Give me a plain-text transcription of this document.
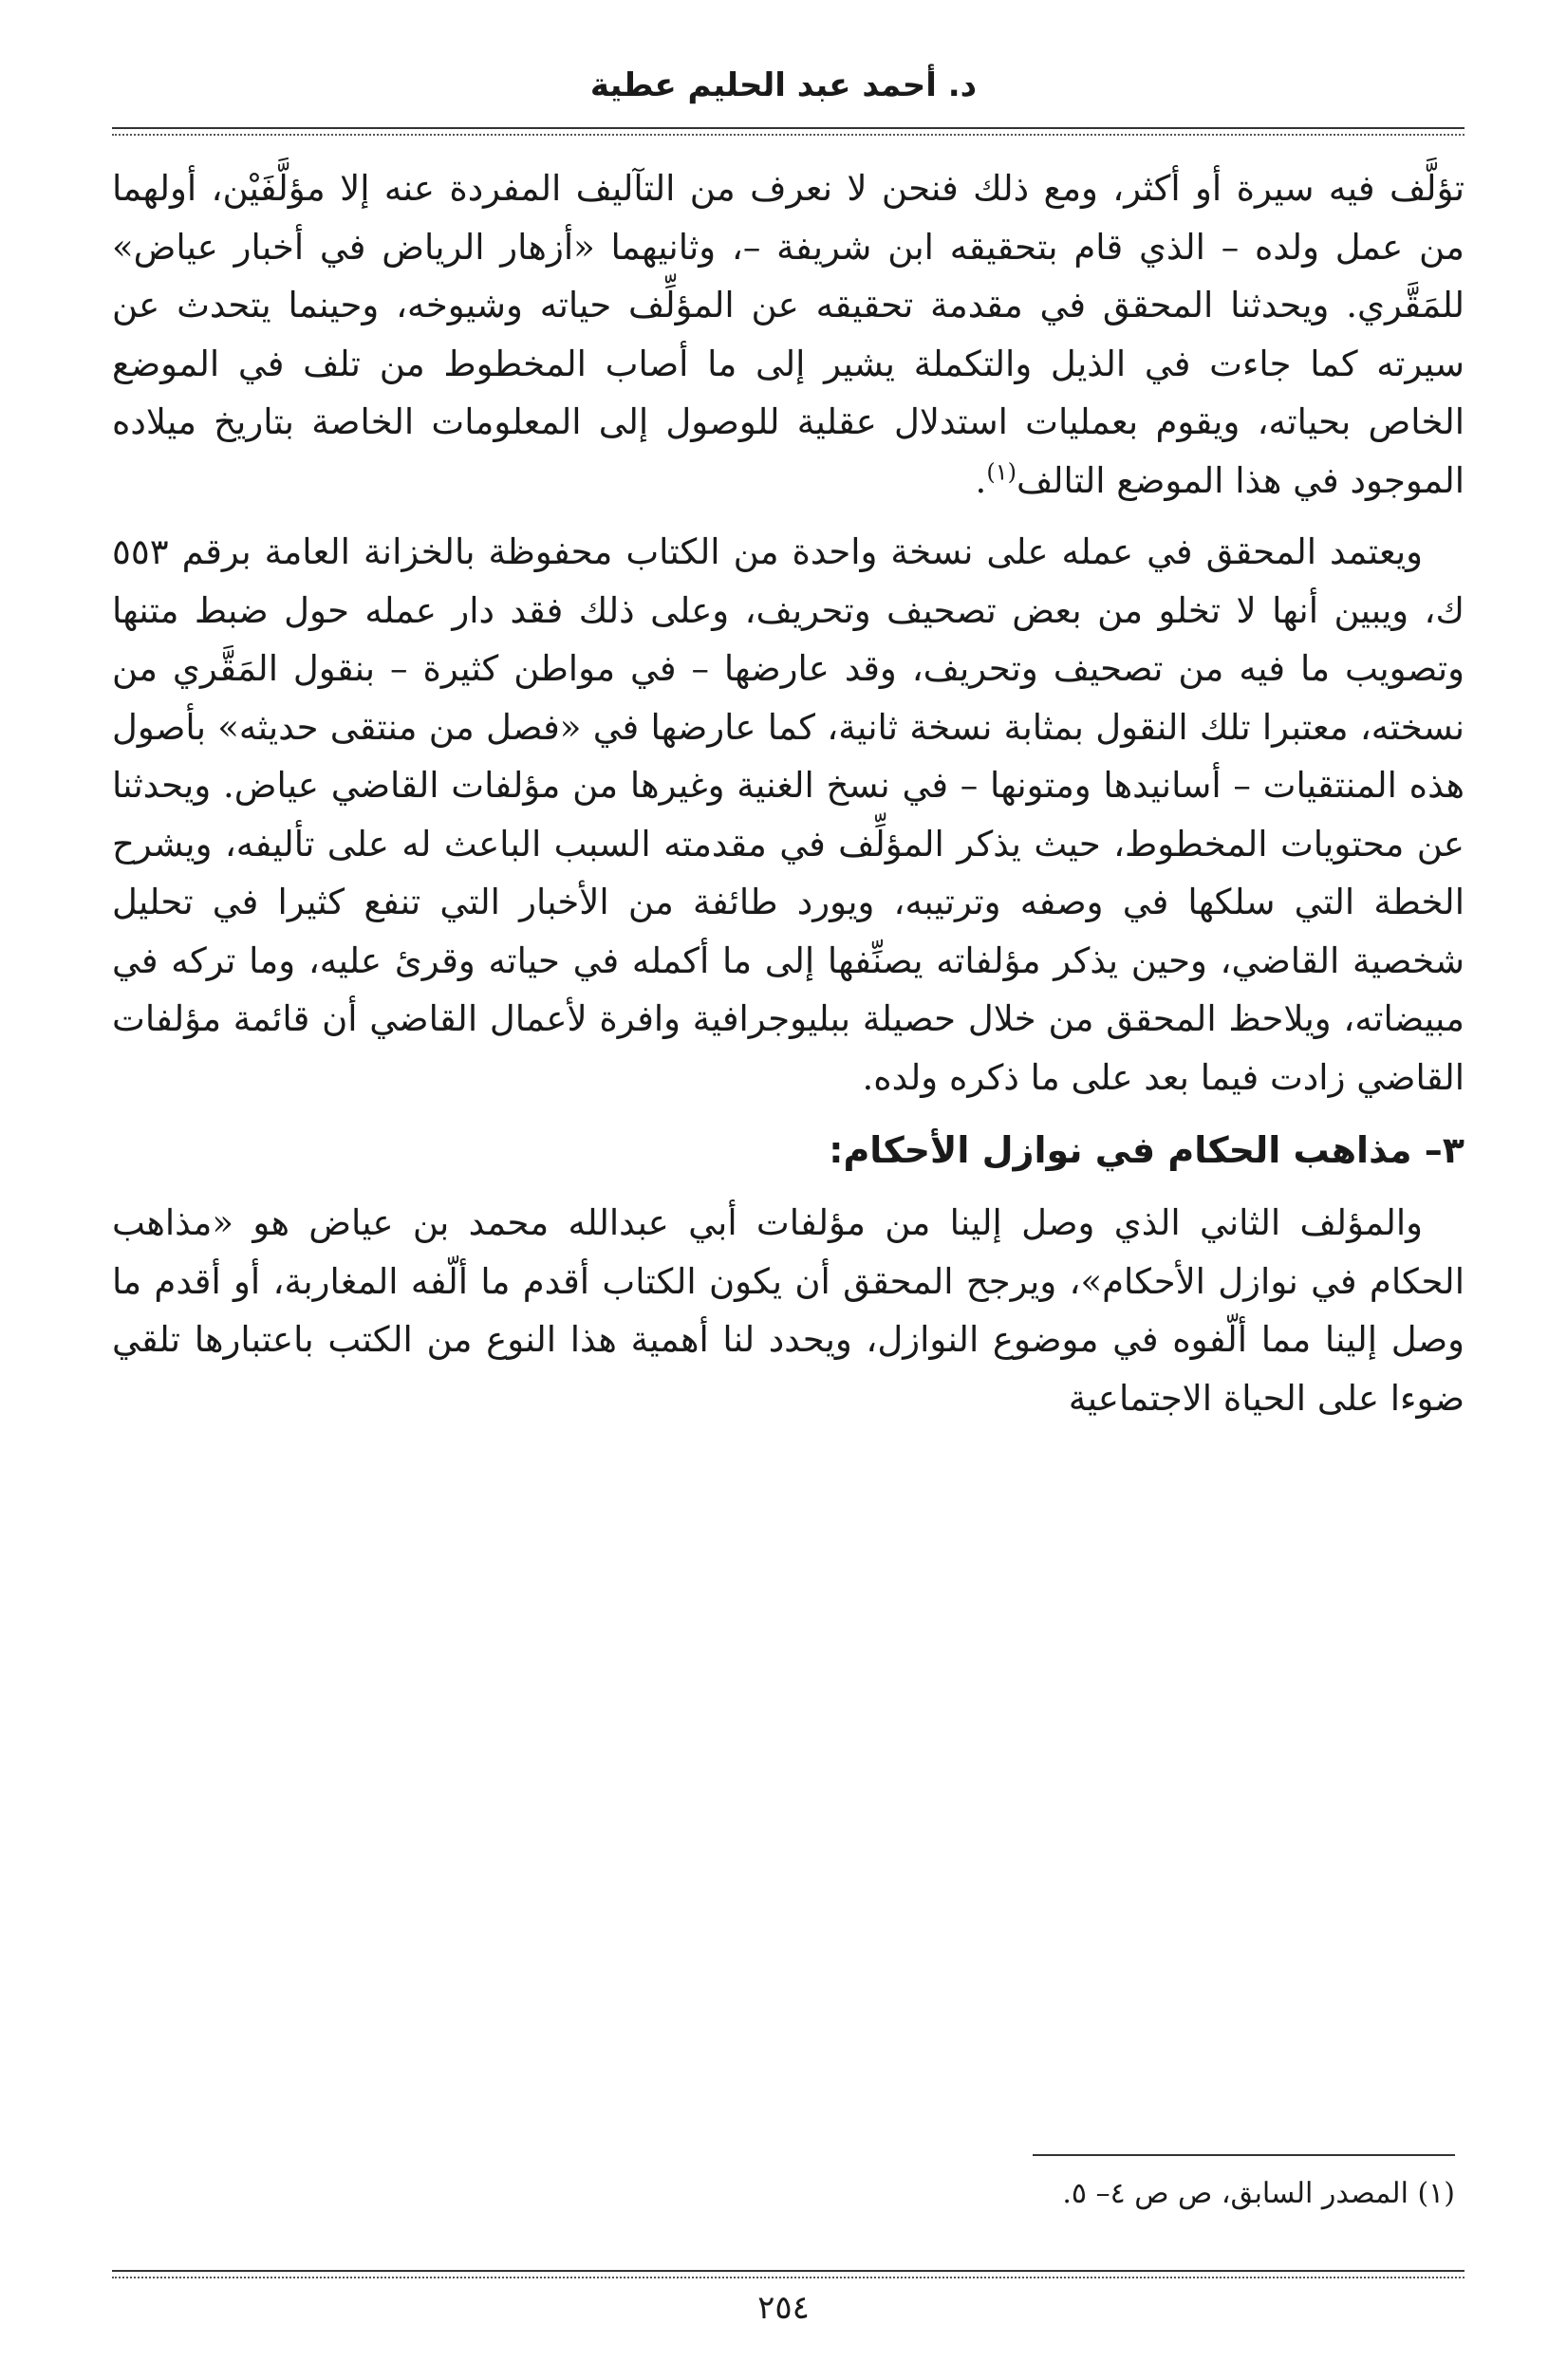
د. أحمد عبد الحليم عطية

تؤلَّف فيه سيرة أو أكثر، ومع ذلك فنحن لا نعرف من التآليف المفردة عنه إلا مؤلَّفَيْن، أولهما من عمل ولده – الذي قام بتحقيقه ابن شريفة –، وثانيهما «أزهار الرياض في أخبار عياض» للمَقَّري. ويحدثنا المحقق في مقدمة تحقيقه عن المؤلِّف حياته وشيوخه، وحينما يتحدث عن سيرته كما جاءت في الذيل والتكملة يشير إلى ما أصاب المخطوط من تلف في الموضع الخاص بحياته، ويقوم بعمليات استدلال عقلية للوصول إلى المعلومات الخاصة بتاريخ ميلاده الموجود في هذا الموضع التالف$^{(١)}$.

ويعتمد المحقق في عمله على نسخة واحدة من الكتاب محفوظة بالخزانة العامة برقم ٥٥٣ ك، ويبين أنها لا تخلو من بعض تصحيف وتحريف، وعلى ذلك فقد دار عمله حول ضبط متنها وتصويب ما فيه من تصحيف وتحريف، وقد عارضها – في مواطن كثيرة – بنقول المَقَّري من نسخته، معتبرا تلك النقول بمثابة نسخة ثانية، كما عارضها في «فصل من منتقى حديثه» بأصول هذه المنتقيات – أسانيدها ومتونها – في نسخ الغنية وغيرها من مؤلفات القاضي عياض. ويحدثنا عن محتويات المخطوط، حيث يذكر المؤلِّف في مقدمته السبب الباعث له على تأليفه، ويشرح الخطة التي سلكها في وصفه وترتيبه، ويورد طائفة من الأخبار التي تنفع كثيرا في تحليل شخصية القاضي، وحين يذكر مؤلفاته يصنِّفها إلى ما أكمله في حياته وقرئ عليه، وما تركه في مبيضاته، ويلاحظ المحقق من خلال حصيلة ببليوجرافية وافرة لأعمال القاضي أن قائمة مؤلفات القاضي زادت فيما بعد على ما ذكره ولده.

٣– مذاهب الحكام في نوازل الأحكام:

والمؤلف الثاني الذي وصل إلينا من مؤلفات أبي عبدالله محمد بن عياض هو «مذاهب الحكام في نوازل الأحكام»، ويرجح المحقق أن يكون الكتاب أقدم ما ألّفه المغاربة، أو أقدم ما وصل إلينا مما ألّفوه في موضوع النوازل، ويحدد لنا أهمية هذا النوع من الكتب باعتبارها تلقي ضوءا على الحياة الاجتماعية

(١) المصدر السابق، ص ص ٤– ٥.
٢٥٤
